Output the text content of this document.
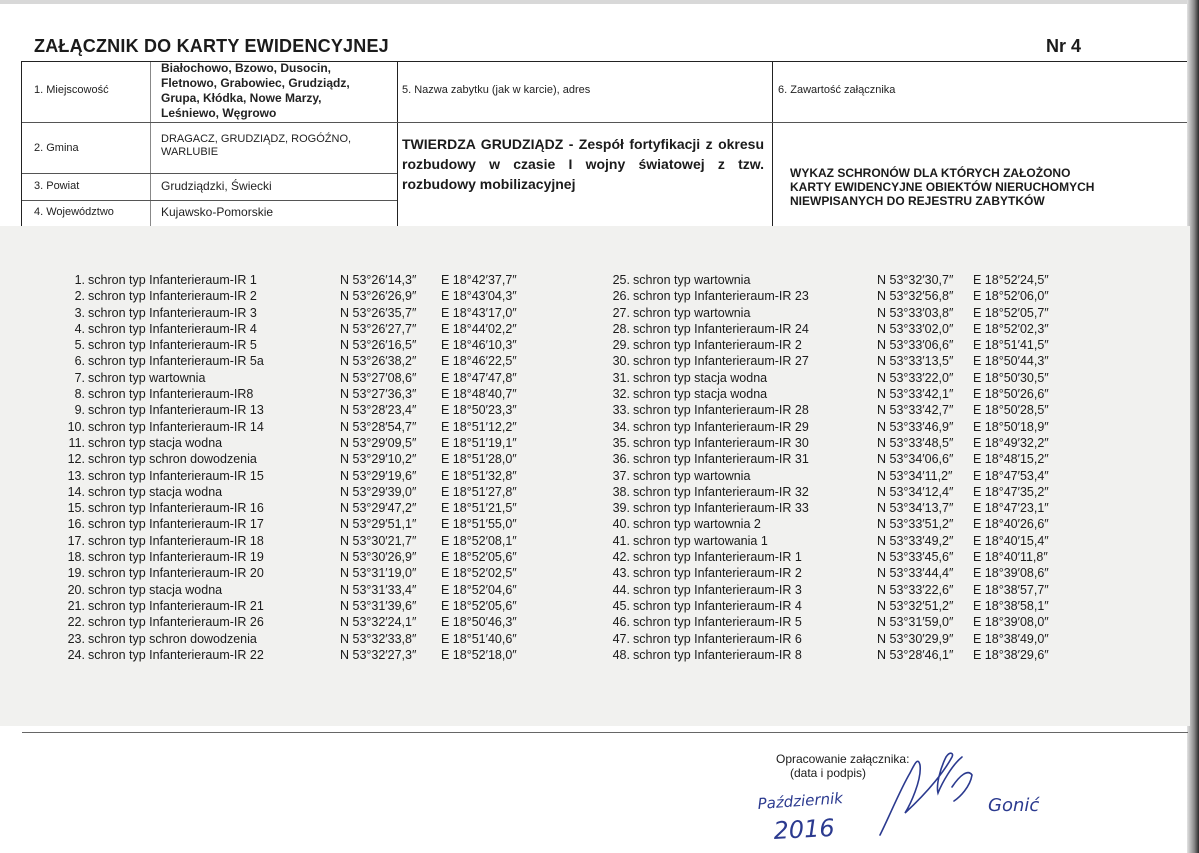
ZAŁĄCZNIK DO KARTY EWIDENCYJNEJ	Nr 4
1. Miejscowość
Białochowo, Bzowo, Dusocin,
Fletnowo, Grabowiec, Grudziądz,
Grupa, Kłódka, Nowe Marzy,
Leśniewo, Węgrowo
2. Gmina
DRAGACZ, GRUDZIĄDZ, ROGÓŹNO,
WARLUBIE
3. Powiat	Grudziądzki, Świecki
4. Województwo	Kujawsko-Pomorskie
5. Nazwa zabytku (jak w karcie), adres
TWIERDZA GRUDZIĄDZ - Zespół fortyfikacji z okresu rozbudowy w czasie I wojny światowej z tzw. rozbudowy mobilizacyjnej
6. Zawartość załącznika
WYKAZ SCHRONÓW DLA KTÓRYCH ZAŁOŻONO
KARTY EWIDENCYJNE OBIEKTÓW NIERUCHOMYCH
NIEWPISANYCH DO REJESTRU ZABYTKÓW
1. schron typ Infanterieraum-IR 1	N 53°26′14,3″ E 18°42′37,7″
2. schron typ Infanterieraum-IR 2	N 53°26′26,9″ E 18°43′04,3″
3. schron typ Infanterieraum-IR 3	N 53°26′35,7″ E 18°43′17,0″
4. schron typ Infanterieraum-IR 4	N 53°26′27,7″ E 18°44′02,2″
5. schron typ Infanterieraum-IR 5	N 53°26′16,5″ E 18°46′10,3″
6. schron typ Infanterieraum-IR 5a	N 53°26′38,2″ E 18°46′22,5″
7. schron typ wartownia	N 53°27′08,6″ E 18°47′47,8″
8. schron typ Infanterieraum-IR8	N 53°27′36,3″ E 18°48′40,7″
9. schron typ Infanterieraum-IR 13	N 53°28′23,4″ E 18°50′23,3″
10. schron typ Infanterieraum-IR 14	N 53°28′54,7″ E 18°51′12,2″
11. schron typ stacja wodna	N 53°29′09,5″ E 18°51′19,1″
12. schron typ schron dowodzenia	N 53°29′10,2″ E 18°51′28,0″
13. schron typ Infanterieraum-IR 15	N 53°29′19,6″ E 18°51′32,8″
14. schron typ stacja wodna	N 53°29′39,0″ E 18°51′27,8″
15. schron typ Infanterieraum-IR 16	N 53°29′47,2″ E 18°51′21,5″
16. schron typ Infanterieraum-IR 17	N 53°29′51,1″ E 18°51′55,0″
17. schron typ Infanterieraum-IR 18	N 53°30′21,7″ E 18°52′08,1″
18. schron typ Infanterieraum-IR 19	N 53°30′26,9″ E 18°52′05,6″
19. schron typ Infanterieraum-IR 20	N 53°31′19,0″ E 18°52′02,5″
20. schron typ stacja wodna	N 53°31′33,4″ E 18°52′04,6″
21. schron typ Infanterieraum-IR 21	N 53°31′39,6″ E 18°52′05,6″
22. schron typ Infanterieraum-IR 26	N 53°32′24,1″ E 18°50′46,3″
23. schron typ schron dowodzenia	N 53°32′33,8″ E 18°51′40,6″
24. schron typ Infanterieraum-IR 22	N 53°32′27,3″ E 18°52′18,0″
25. schron typ wartownia	N 53°32′30,7″ E 18°52′24,5″
26. schron typ Infanterieraum-IR 23	N 53°32′56,8″ E 18°52′06,0″
27. schron typ wartownia	N 53°33′03,8″ E 18°52′05,7″
28. schron typ Infanterieraum-IR 24	N 53°33′02,0″ E 18°52′02,3″
29. schron typ Infanterieraum-IR 2	N 53°33′06,6″ E 18°51′41,5″
30. schron typ Infanterieraum-IR 27	N 53°33′13,5″ E 18°50′44,3″
31. schron typ stacja wodna	N 53°33′22,0″ E 18°50′30,5″
32. schron typ stacja wodna	N 53°33′42,1″ E 18°50′26,6″
33. schron typ Infanterieraum-IR 28	N 53°33′42,7″ E 18°50′28,5″
34. schron typ Infanterieraum-IR 29	N 53°33′46,9″ E 18°50′18,9″
35. schron typ Infanterieraum-IR 30	N 53°33′48,5″ E 18°49′32,2″
36. schron typ Infanterieraum-IR 31	N 53°34′06,6″ E 18°48′15,2″
37. schron typ wartownia	N 53°34′11,2″ E 18°47′53,4″
38. schron typ Infanterieraum-IR 32	N 53°34′12,4″ E 18°47′35,2″
39. schron typ Infanterieraum-IR 33	N 53°34′13,7″ E 18°47′23,1″
40. schron typ wartownia 2	N 53°33′51,2″ E 18°40′26,6″
41. schron typ wartowania 1	N 53°33′49,2″ E 18°40′15,4″
42. schron typ Infanterieraum-IR 1	N 53°33′45,6″ E 18°40′11,8″
43. schron typ Infanterieraum-IR 2	N 53°33′44,4″ E 18°39′08,6″
44. schron typ Infanterieraum-IR 3	N 53°33′22,6″ E 18°38′57,7″
45. schron typ Infanterieraum-IR 4	N 53°32′51,2″ E 18°38′58,1″
46. schron typ Infanterieraum-IR 5	N 53°31′59,0″ E 18°39′08,0″
47. schron typ Infanterieraum-IR 6	N 53°30′29,9″ E 18°38′49,0″
48. schron typ Infanterieraum-IR 8	N 53°28′46,1″ E 18°38′29,6″
Opracowanie załącznika:
(data i podpis)
Październik
2016
Gonić
